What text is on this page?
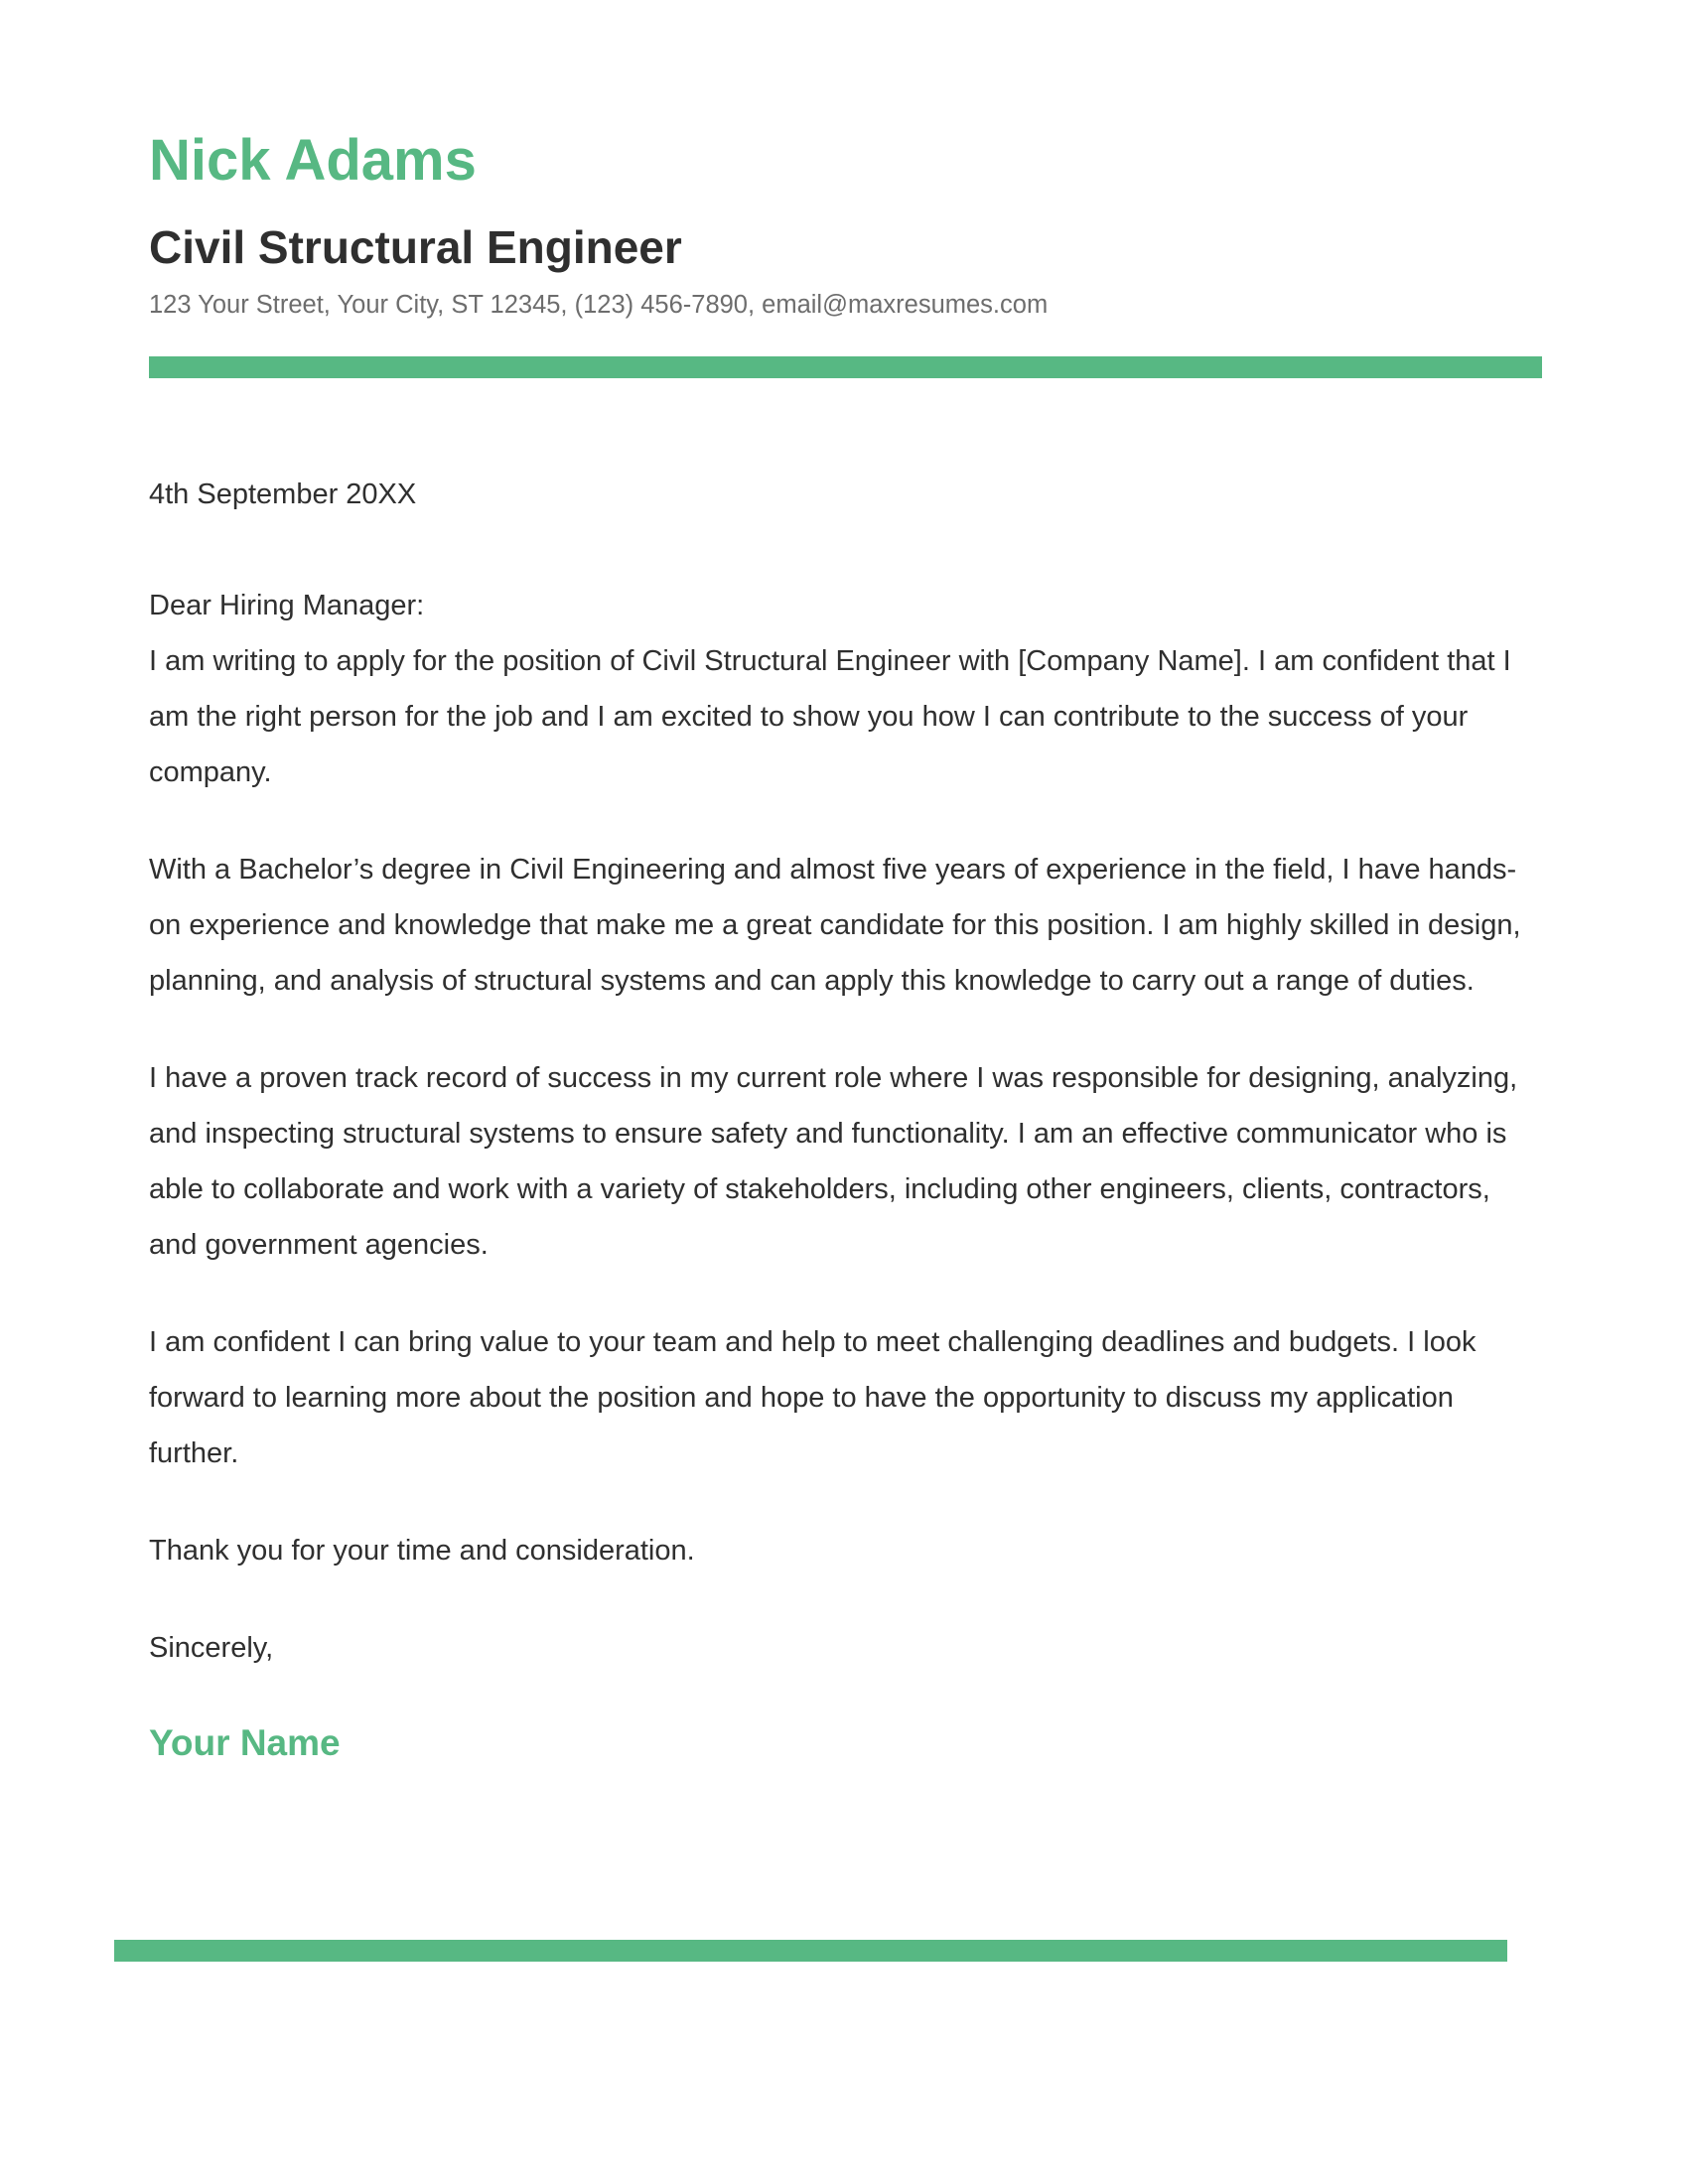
Nick Adams
Civil Structural Engineer
123 Your Street, Your City, ST 12345, (123) 456-7890, email@maxresumes.com

4th September 20XX

Dear Hiring Manager:

I am writing to apply for the position of Civil Structural Engineer with [Company Name]. I am confident that I am the right person for the job and I am excited to show you how I can contribute to the success of your company.

With a Bachelor’s degree in Civil Engineering and almost five years of experience in the field, I have hands- on experience and knowledge that make me a great candidate for this position. I am highly skilled in design, planning, and analysis of structural systems and can apply this knowledge to carry out a range of duties.

I have a proven track record of success in my current role where I was responsible for designing, analyzing, and inspecting structural systems to ensure safety and functionality. I am an effective communicator who is able to collaborate and work with a variety of stakeholders, including other engineers, clients, contractors, and government agencies.

I am confident I can bring value to your team and help to meet challenging deadlines and budgets. I look forward to learning more about the position and hope to have the opportunity to discuss my application further.

Thank you for your time and consideration.

Sincerely,

Your Name
